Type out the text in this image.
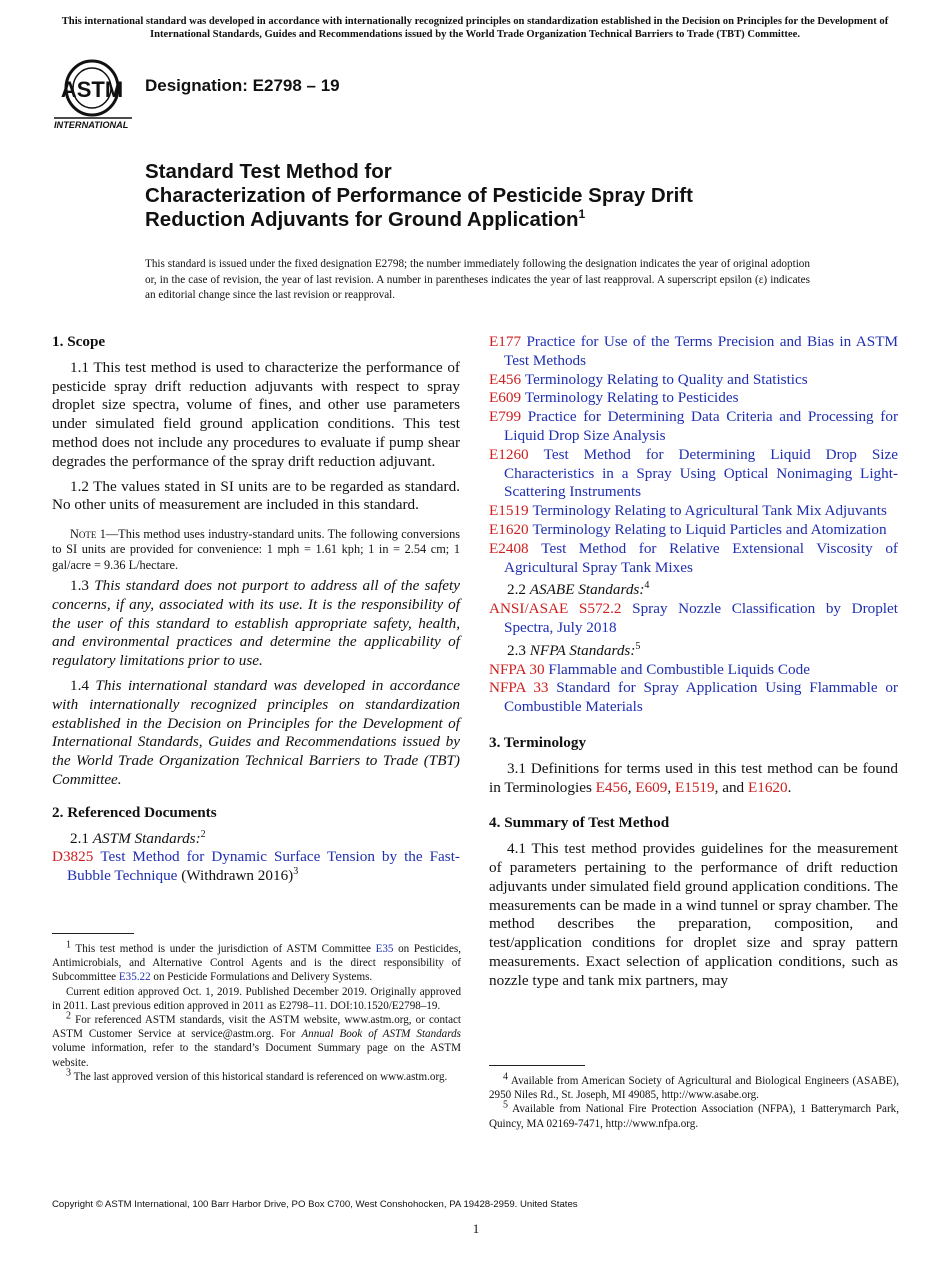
This international standard was developed in accordance with internationally recognized principles on standardization established in the Decision on Principles for the Development of International Standards, Guides and Recommendations issued by the World Trade Organization Technical Barriers to Trade (TBT) Committee.
ASTM
INTERNATIONAL
Designation: E2798 – 19
Standard Test Method for
Characterization of Performance of Pesticide Spray Drift
Reduction Adjuvants for Ground Application$^1$
This standard is issued under the fixed designation E2798; the number immediately following the designation indicates the year of original adoption or, in the case of revision, the year of last revision. A number in parentheses indicates the year of last reapproval. A superscript epsilon (ε) indicates an editorial change since the last revision or reapproval.
1. Scope

1.1 This test method is used to characterize the performance of pesticide spray drift reduction adjuvants with respect to spray droplet size spectra, volume of fines, and other use parameters under simulated field ground application conditions. This test method does not include any procedures to evaluate if pump shear degrades the performance of the spray drift reduction adjuvant.

1.2 The values stated in SI units are to be regarded as standard. No other units of measurement are included in this standard.

Note 1—This method uses industry-standard units. The following conversions to SI units are provided for convenience: 1 mph = 1.61 kph; 1 in = 2.54 cm; 1 gal/acre = 9.36 L/hectare.

1.3 This standard does not purport to address all of the safety concerns, if any, associated with its use. It is the responsibility of the user of this standard to establish appropriate safety, health, and environmental practices and determine the applicability of regulatory limitations prior to use.

1.4 This international standard was developed in accordance with internationally recognized principles on standardization established in the Decision on Principles for the Development of International Standards, Guides and Recommendations issued by the World Trade Organization Technical Barriers to Trade (TBT) Committee.

2. Referenced Documents

2.1 ASTM Standards:$^2$

D3825 Test Method for Dynamic Surface Tension by the Fast-Bubble Technique (Withdrawn 2016)$^3$

$^1$ This test method is under the jurisdiction of ASTM Committee E35 on Pesticides, Antimicrobials, and Alternative Control Agents and is the direct responsibility of Subcommittee E35.22 on Pesticide Formulations and Delivery Systems.

Current edition approved Oct. 1, 2019. Published December 2019. Originally approved in 2011. Last previous edition approved in 2011 as E2798–11. DOI:10.1520/E2798–19.

$^2$ For referenced ASTM standards, visit the ASTM website, www.astm.org, or contact ASTM Customer Service at service@astm.org. For Annual Book of ASTM Standards volume information, refer to the standard’s Document Summary page on the ASTM website.

$^3$ The last approved version of this historical standard is referenced on www.astm.org.

E177 Practice for Use of the Terms Precision and Bias in ASTM Test Methods

E456 Terminology Relating to Quality and Statistics

E609 Terminology Relating to Pesticides

E799 Practice for Determining Data Criteria and Processing for Liquid Drop Size Analysis

E1260 Test Method for Determining Liquid Drop Size Characteristics in a Spray Using Optical Nonimaging Light-Scattering Instruments

E1519 Terminology Relating to Agricultural Tank Mix Adjuvants

E1620 Terminology Relating to Liquid Particles and Atomization

E2408 Test Method for Relative Extensional Viscosity of Agricultural Spray Tank Mixes

2.2 ASABE Standards:$^4$

ANSI/ASAE S572.2 Spray Nozzle Classification by Droplet Spectra, July 2018

2.3 NFPA Standards:$^5$

NFPA 30 Flammable and Combustible Liquids Code

NFPA 33 Standard for Spray Application Using Flammable or Combustible Materials

3. Terminology

3.1 Definitions for terms used in this test method can be found in Terminologies E456, E609, E1519, and E1620.

4. Summary of Test Method

4.1 This test method provides guidelines for the measurement of parameters pertaining to the performance of drift reduction adjuvants under simulated field ground application conditions. The measurements can be made in a wind tunnel or spray chamber. The method describes the preparation, composition, and test/application conditions for droplet size and spray pattern measurements. Exact selection of application conditions, such as nozzle type and tank mix partners, may

$^4$ Available from American Society of Agricultural and Biological Engineers (ASABE), 2950 Niles Rd., St. Joseph, MI 49085, http://www.asabe.org.

$^5$ Available from National Fire Protection Association (NFPA), 1 Batterymarch Park, Quincy, MA 02169-7471, http://www.nfpa.org.

Copyright © ASTM International, 100 Barr Harbor Drive, PO Box C700, West Conshohocken, PA 19428-2959. United States
1
